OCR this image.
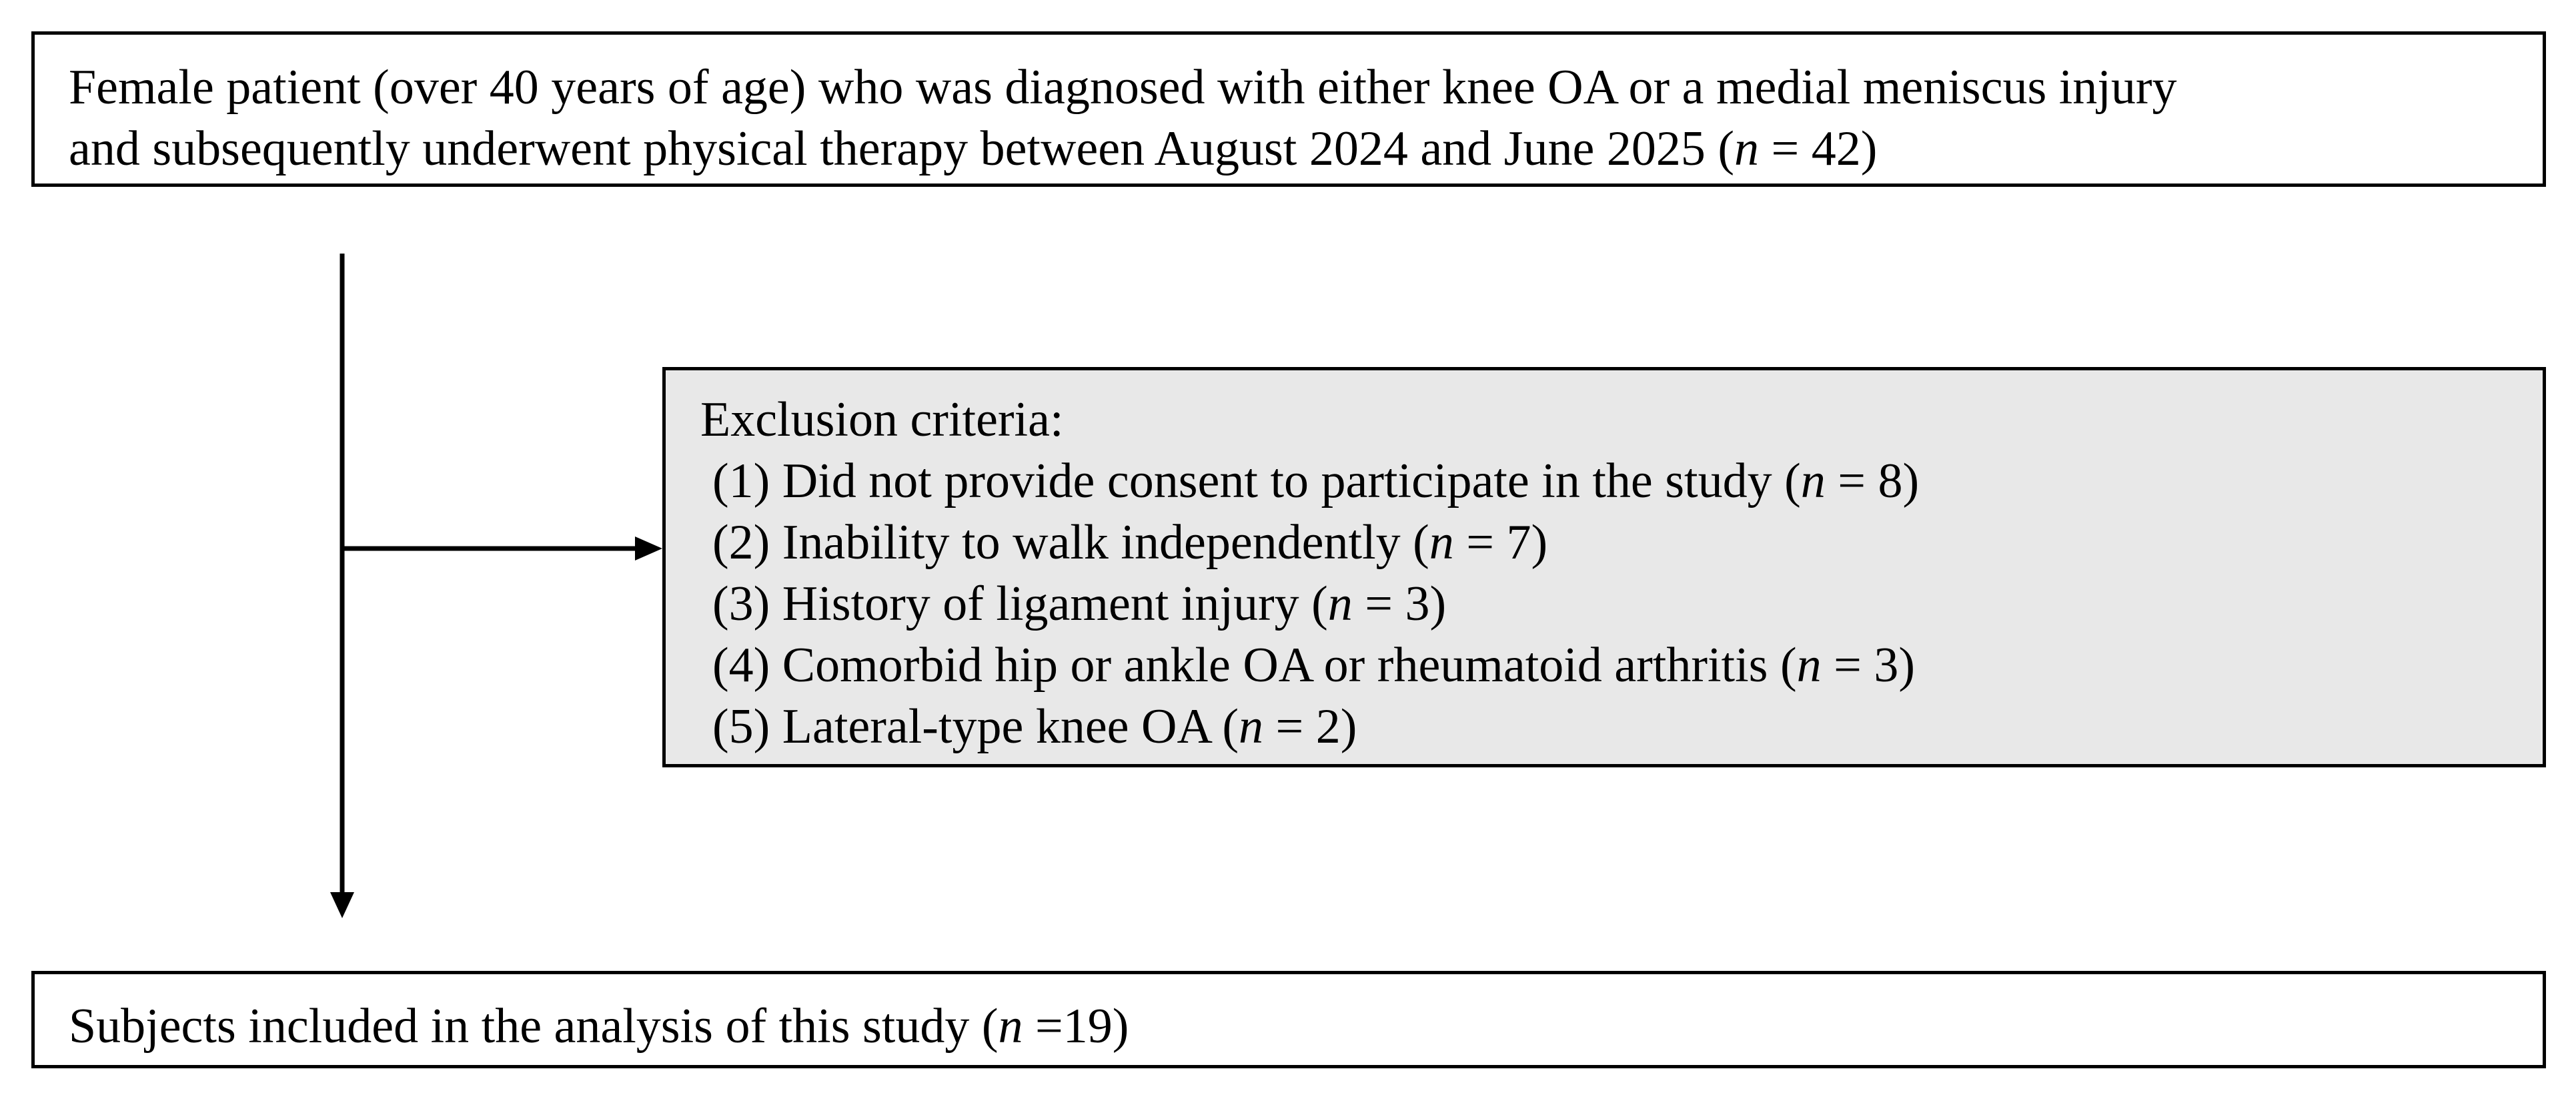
Female patient (over 40 years of age) who was diagnosed with either knee OA or a medial meniscus injury
and subsequently underwent physical therapy between August 2024 and June 2025 (n = 42)
Exclusion criteria:
(1) Did not provide consent to participate in the study (n = 8)
(2) Inability to walk independently (n = 7)
(3) History of ligament injury (n = 3)
(4) Comorbid hip or ankle OA or rheumatoid arthritis (n = 3)
(5) Lateral-type knee OA (n = 2)
Subjects included in the analysis of this study (n =19)
